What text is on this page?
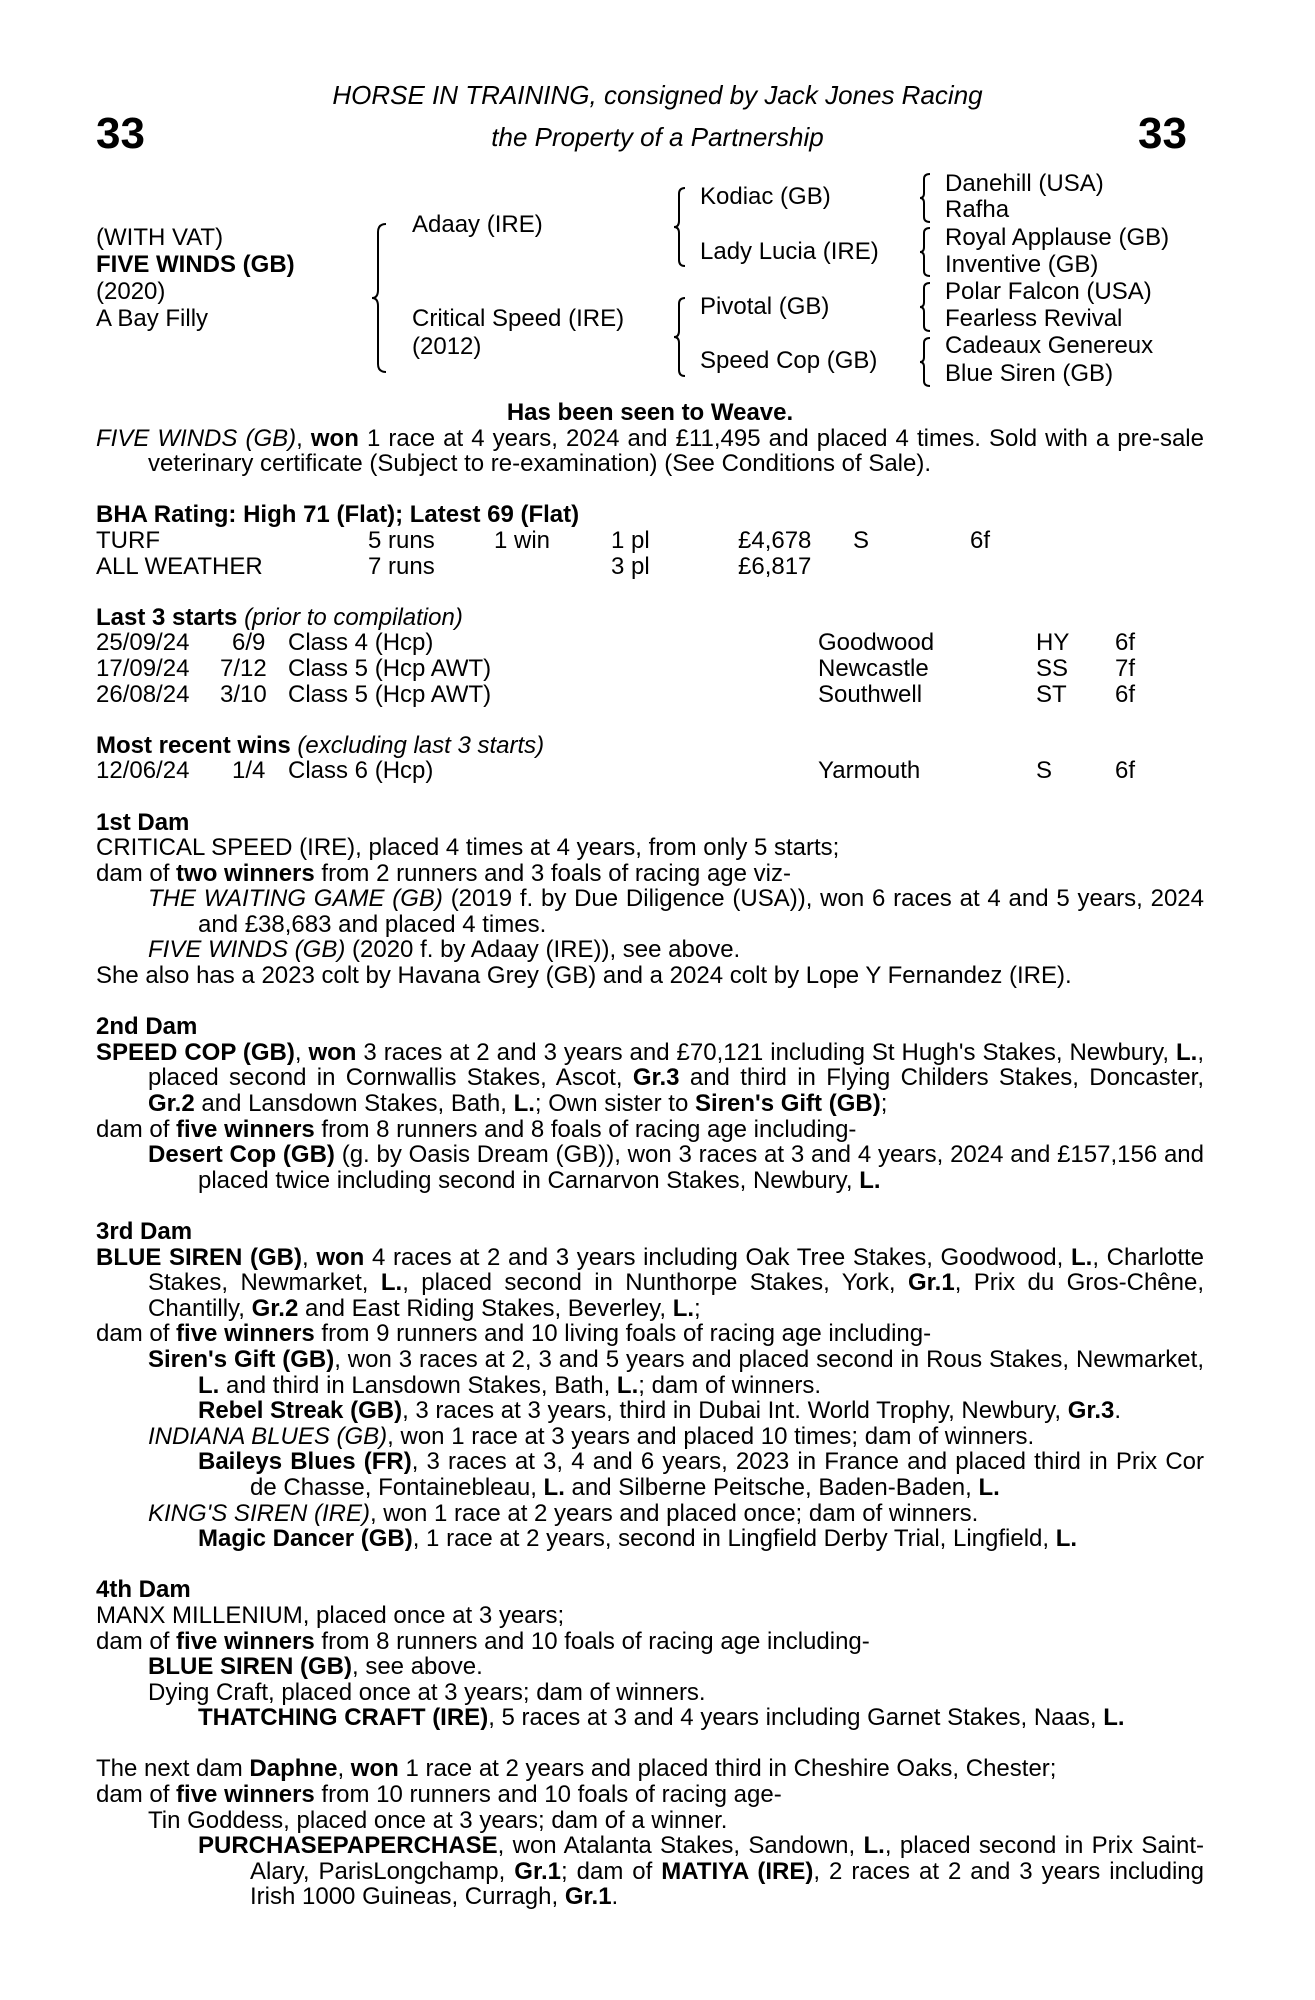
33	33
HORSE IN TRAINING, consigned by Jack Jones Racing
the Property of a Partnership
(WITH VAT)
FIVE WINDS (GB)
(2020)
A Bay Filly
Adaay (IRE)
Critical Speed (IRE)
(2012)
Kodiac (GB)
Lady Lucia (IRE)
Pivotal (GB)
Speed Cop (GB)
Danehill (USA)
Rafha
Royal Applause (GB)
Inventive (GB)
Polar Falcon (USA)
Fearless Revival
Cadeaux Genereux
Blue Siren (GB)
Has been seen to Weave.
FIVE WINDS (GB), won 1 race at 4 years, 2024 and £11,495 and placed 4 times. Sold with a pre-sale veterinary certificate (Subject to re-examination) (See Conditions of Sale).
BHA Rating: High 71 (Flat); Latest 69 (Flat)
TURF	5 runs 1 win	1 pl	£4,678 S	6f
ALL WEATHER	7 runs	3 pl	£6,817
Last 3 starts (prior to compilation)
25/09/24 6/9 Class 4 (Hcp)	Goodwood	HY 6f
17/09/24 7/12 Class 5 (Hcp AWT)	Newcastle	SS 7f
26/08/24 3/10 Class 5 (Hcp AWT)	Southwell	ST 6f
Most recent wins (excluding last 3 starts)
12/06/24 1/4 Class 6 (Hcp)	Yarmouth	S	6f
1st Dam
CRITICAL SPEED (IRE), placed 4 times at 4 years, from only 5 starts;
dam of two winners from 2 runners and 3 foals of racing age viz-
THE WAITING GAME (GB) (2019 f. by Due Diligence (USA)), won 6 races at 4 and 5 years, 2024 and £38,683 and placed 4 times.
FIVE WINDS (GB) (2020 f. by Adaay (IRE)), see above.
She also has a 2023 colt by Havana Grey (GB) and a 2024 colt by Lope Y Fernandez (IRE).
2nd Dam
SPEED COP (GB), won 3 races at 2 and 3 years and £70,121 including St Hugh's Stakes, Newbury, L., placed second in Cornwallis Stakes, Ascot, Gr.3 and third in Flying Childers Stakes, Doncaster, Gr.2 and Lansdown Stakes, Bath, L.; Own sister to Siren's Gift (GB);
dam of five winners from 8 runners and 8 foals of racing age including-
Desert Cop (GB) (g. by Oasis Dream (GB)), won 3 races at 3 and 4 years, 2024 and £157,156 and placed twice including second in Carnarvon Stakes, Newbury, L.
3rd Dam
BLUE SIREN (GB), won 4 races at 2 and 3 years including Oak Tree Stakes, Goodwood, L., Charlotte Stakes, Newmarket, L., placed second in Nunthorpe Stakes, York, Gr.1, Prix du Gros-Chêne, Chantilly, Gr.2 and East Riding Stakes, Beverley, L.;
dam of five winners from 9 runners and 10 living foals of racing age including-
Siren's Gift (GB), won 3 races at 2, 3 and 5 years and placed second in Rous Stakes, Newmarket, L. and third in Lansdown Stakes, Bath, L.; dam of winners.
Rebel Streak (GB), 3 races at 3 years, third in Dubai Int. World Trophy, Newbury, Gr.3.
INDIANA BLUES (GB), won 1 race at 3 years and placed 10 times; dam of winners.
Baileys Blues (FR), 3 races at 3, 4 and 6 years, 2023 in France and placed third in Prix Cor de Chasse, Fontainebleau, L. and Silberne Peitsche, Baden-Baden, L.
KING'S SIREN (IRE), won 1 race at 2 years and placed once; dam of winners.
Magic Dancer (GB), 1 race at 2 years, second in Lingfield Derby Trial, Lingfield, L.
4th Dam
MANX MILLENIUM, placed once at 3 years;
dam of five winners from 8 runners and 10 foals of racing age including-
BLUE SIREN (GB), see above.
Dying Craft, placed once at 3 years; dam of winners.
THATCHING CRAFT (IRE), 5 races at 3 and 4 years including Garnet Stakes, Naas, L.
The next dam Daphne, won 1 race at 2 years and placed third in Cheshire Oaks, Chester;
dam of five winners from 10 runners and 10 foals of racing age-
Tin Goddess, placed once at 3 years; dam of a winner.
PURCHASEPAPERCHASE, won Atalanta Stakes, Sandown, L., placed second in Prix Saint-Alary, ParisLongchamp, Gr.1; dam of MATIYA (IRE), 2 races at 2 and 3 years including Irish 1000 Guineas, Curragh, Gr.1.
